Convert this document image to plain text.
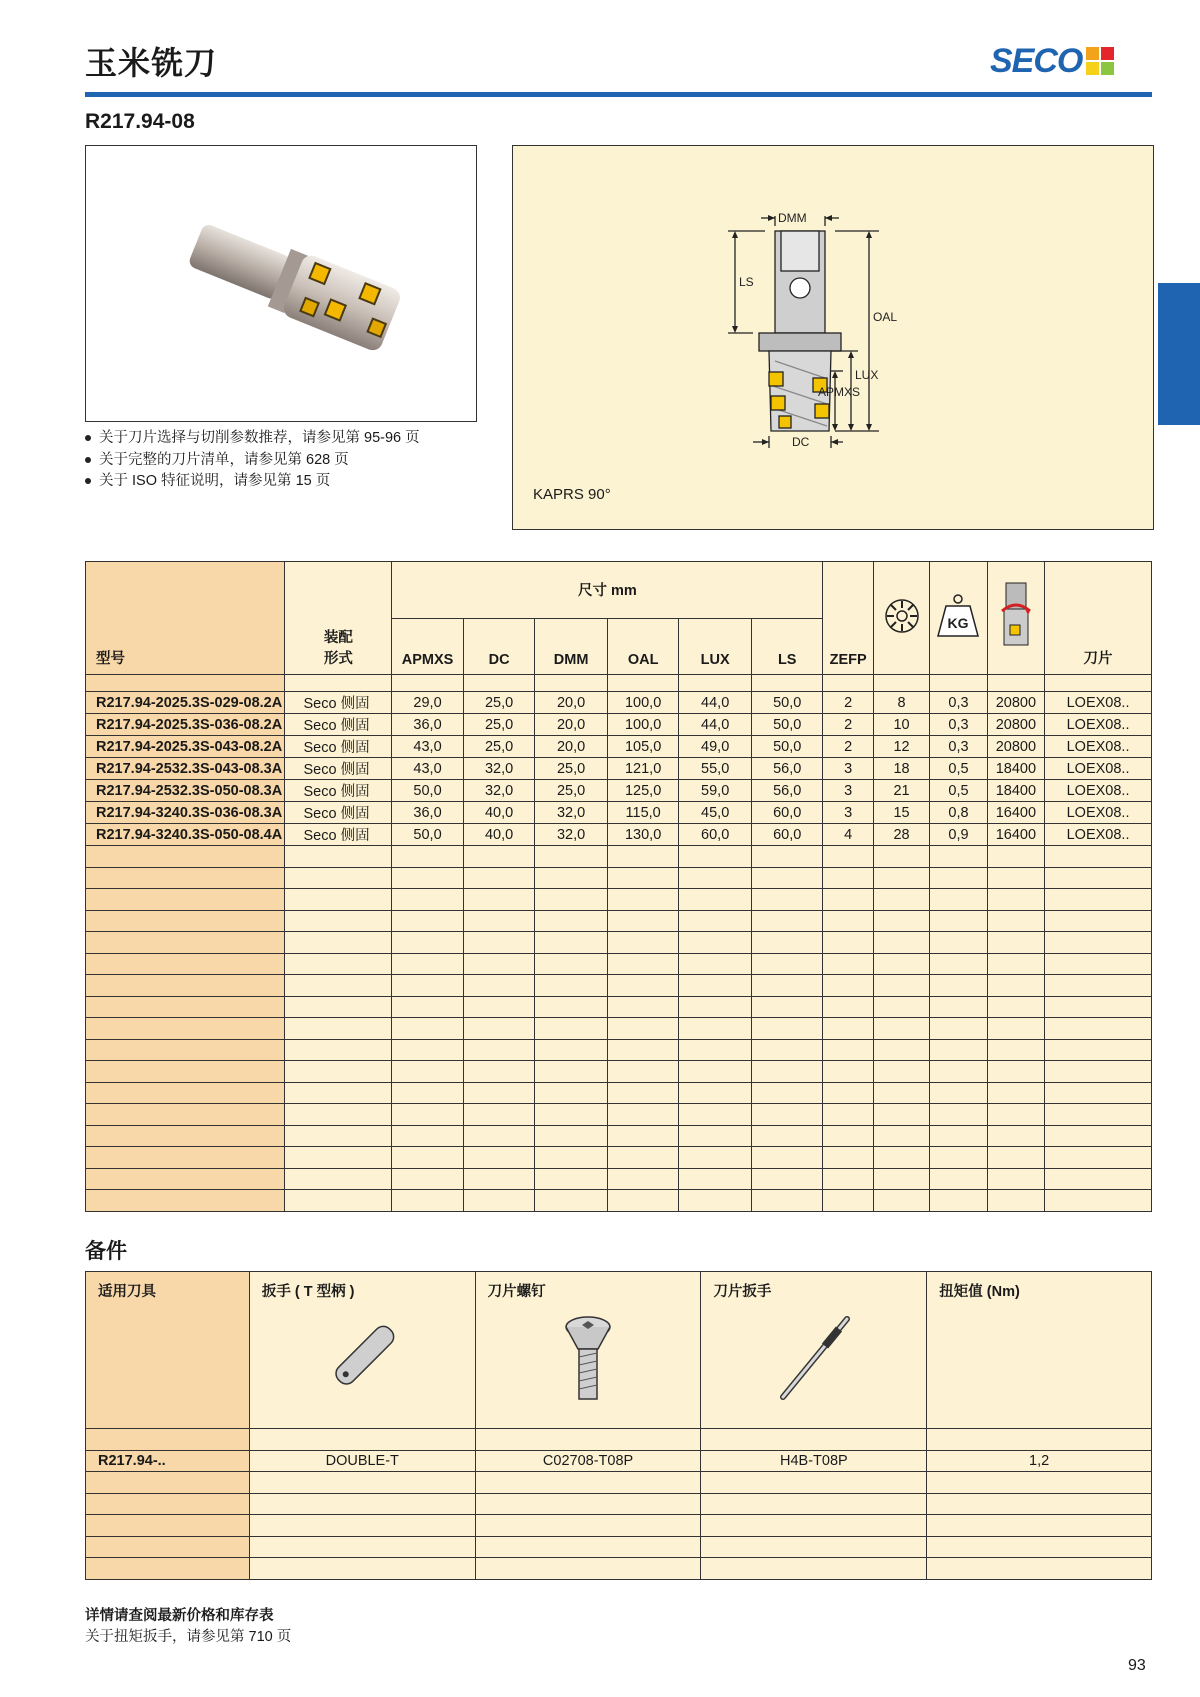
玉米铣刀	SECO
R217.94-08
关于刀片选择与切削参数推荐，请参见第 95-96 页
关于完整的刀片清单，请参见第 628 页
关于 ISO 特征说明，请参见第 15 页
DMM
LS
OAL
LUX
APMXS
DC
KAPRS 90°
型号	装配
形式	尺寸 mm						ZEFP		KG		刀片
		APMXS	DC	DMM	OAL	LUX	LS					

R217.94-2025.3S-029-08.2A	Seco 侧固	29,0	25,0	20,0	100,0	44,0	50,0	2	8	0,3	20800	LOEX08..
R217.94-2025.3S-036-08.2A	Seco 侧固	36,0	25,0	20,0	100,0	44,0	50,0	2	10	0,3	20800	LOEX08..
R217.94-2025.3S-043-08.2A	Seco 侧固	43,0	25,0	20,0	105,0	49,0	50,0	2	12	0,3	20800	LOEX08..
R217.94-2532.3S-043-08.3A	Seco 侧固	43,0	32,0	25,0	121,0	55,0	56,0	3	18	0,5	18400	LOEX08..
R217.94-2532.3S-050-08.3A	Seco 侧固	50,0	32,0	25,0	125,0	59,0	56,0	3	21	0,5	18400	LOEX08..
R217.94-3240.3S-036-08.3A	Seco 侧固	36,0	40,0	32,0	115,0	45,0	60,0	3	15	0,8	16400	LOEX08..
R217.94-3240.3S-050-08.4A	Seco 侧固	50,0	40,0	32,0	130,0	60,0	60,0	4	28	0,9	16400	LOEX08..

备件
适用刀具	扳手 ( T 型柄 )	刀片螺钉	刀片扳手	扭矩值 (Nm)

R217.94-..	DOUBLE-T	C02708-T08P	H4B-T08P	1,2

详情请查阅最新价格和库存表
关于扭矩扳手，请参见第 710 页
93
